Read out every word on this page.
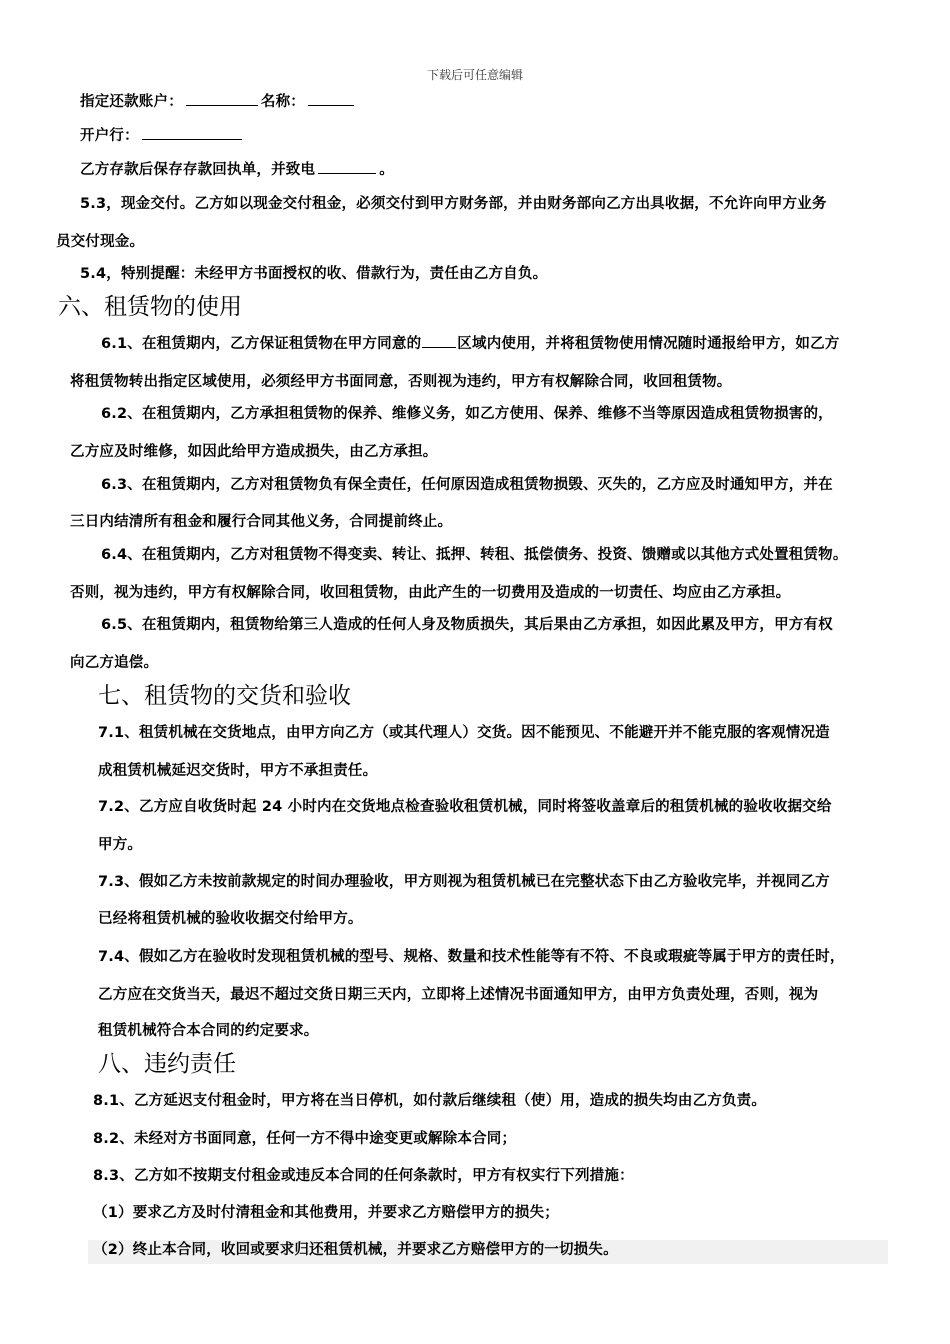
下载后可任意编辑
指定还款账户：	名称：
开户行：
乙方存款后保存存款回执单，并致电	。
5.3，现金交付。乙方如以现金交付租金，必须交付到甲方财务部，并由财务部向乙方出具收据，不允许向甲方业务
员交付现金。
5.4，特别提醒：未经甲方书面授权的收、借款行为，责任由乙方自负。
六、租赁物的使用
6.1、在租赁期内，乙方保证租赁物在甲方同意的 区域内使用，并将租赁物使用情况随时通报给甲方，如乙方
将租赁物转出指定区域使用，必须经甲方书面同意，否则视为违约，甲方有权解除合同，收回租赁物。
6.2、在租赁期内，乙方承担租赁物的保养、维修义务，如乙方使用、保养、维修不当等原因造成租赁物损害的，
乙方应及时维修，如因此给甲方造成损失，由乙方承担。
6.3、在租赁期内，乙方对租赁物负有保全责任，任何原因造成租赁物损毁、灭失的，乙方应及时通知甲方，并在
三日内结清所有租金和履行合同其他义务，合同提前终止。
6.4、在租赁期内，乙方对租赁物不得变卖、转让、抵押、转租、抵偿债务、投资、馈赠或以其他方式处置租赁物。
否则，视为违约，甲方有权解除合同，收回租赁物，由此产生的一切费用及造成的一切责任、均应由乙方承担。
6.5、在租赁期内，租赁物给第三人造成的任何人身及物质损失，其后果由乙方承担，如因此累及甲方，甲方有权
向乙方追偿。
七、租赁物的交货和验收
7.1、租赁机械在交货地点，由甲方向乙方（或其代理人）交货。因不能预见、不能避开并不能克服的客观情况造
成租赁机械延迟交货时，甲方不承担责任。
7.2、乙方应自收货时起 24 小时内在交货地点检查验收租赁机械，同时将签收盖章后的租赁机械的验收收据交给
甲方。
7.3、假如乙方未按前款规定的时间办理验收，甲方则视为租赁机械已在完整状态下由乙方验收完毕，并视同乙方
已经将租赁机械的验收收据交付给甲方。
7.4、假如乙方在验收时发现租赁机械的型号、规格、数量和技术性能等有不符、不良或瑕疵等属于甲方的责任时，
乙方应在交货当天，最迟不超过交货日期三天内，立即将上述情况书面通知甲方，由甲方负责处理，否则，视为
租赁机械符合本合同的约定要求。
八、违约责任
8.1、乙方延迟支付租金时，甲方将在当日停机，如付款后继续租（使）用，造成的损失均由乙方负责。
8.2、未经对方书面同意，任何一方不得中途变更或解除本合同；
8.3、乙方如不按期支付租金或违反本合同的任何条款时，甲方有权实行下列措施：
（1）要求乙方及时付清租金和其他费用，并要求乙方赔偿甲方的损失；
（2）终止本合同，收回或要求归还租赁机械，并要求乙方赔偿甲方的一切损失。
